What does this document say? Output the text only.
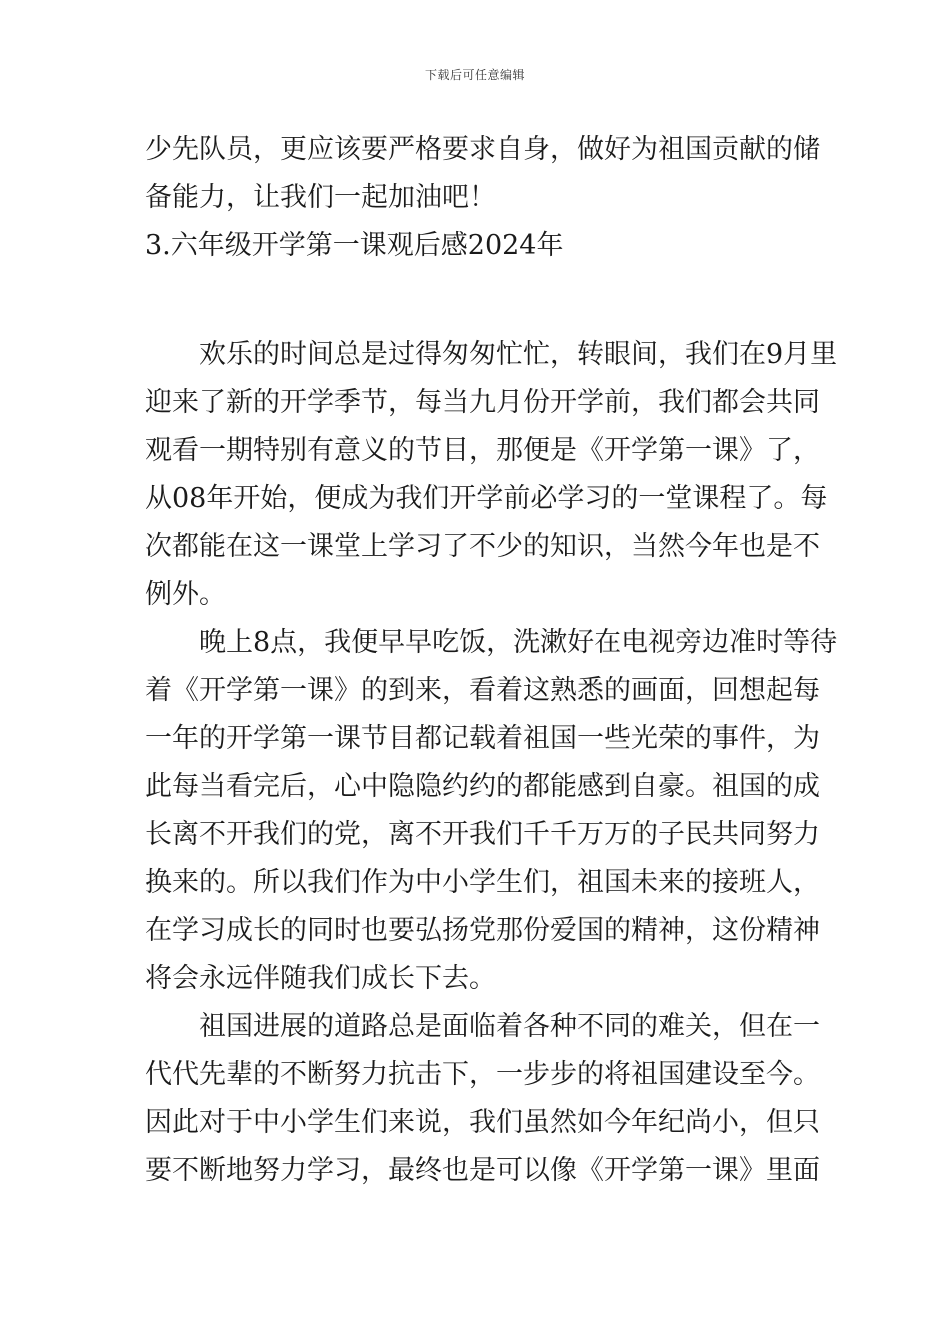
下载后可任意编辑
少先队员，更应该要严格要求自身，做好为祖国贡献的储
备能力，让我们一起加油吧！
3.六年级开学第一课观后感2024年
　　欢乐的时间总是过得匆匆忙忙，转眼间，我们在9月里
迎来了新的开学季节，每当九月份开学前，我们都会共同
观看一期特别有意义的节目，那便是《开学第一课》了，
从08年开始，便成为我们开学前必学习的一堂课程了。每
次都能在这一课堂上学习了不少的知识，当然今年也是不
例外。
　　晚上8点，我便早早吃饭，洗漱好在电视旁边准时等待
着《开学第一课》的到来，看着这熟悉的画面，回想起每
一年的开学第一课节目都记载着祖国一些光荣的事件，为
此每当看完后，心中隐隐约约的都能感到自豪。祖国的成
长离不开我们的党，离不开我们千千万万的子民共同努力
换来的。所以我们作为中小学生们，祖国未来的接班人，
在学习成长的同时也要弘扬党那份爱国的精神，这份精神
将会永远伴随我们成长下去。
　　祖国进展的道路总是面临着各种不同的难关，但在一
代代先辈的不断努力抗击下，一步步的将祖国建设至今。
因此对于中小学生们来说，我们虽然如今年纪尚小，但只
要不断地努力学习，最终也是可以像《开学第一课》里面
